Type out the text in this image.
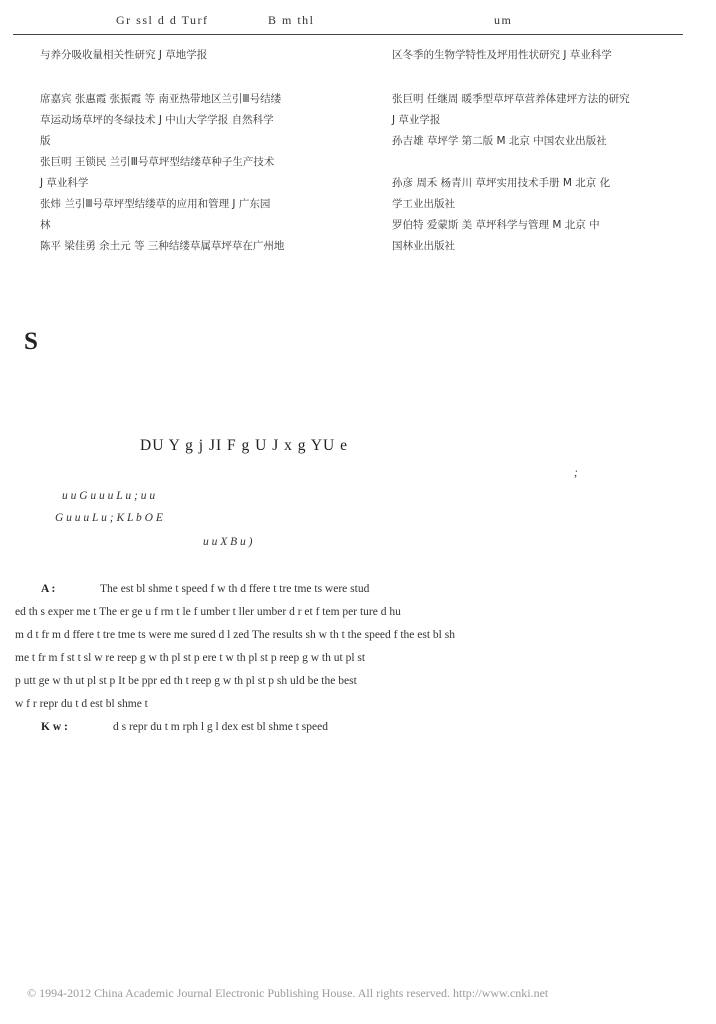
Gr ssl d d Turf	B m thl	um
与养分吸收量相关性研究 J 草地学报
席嘉宾 张惠霞 张振霞 等 南亚热带地区兰引Ⅲ号结缕
草运动场草坪的冬绿技术 J 中山大学学报 自然科学
版
张巨明 王锁民 兰引Ⅲ号草坪型结缕草种子生产技术
J 草业科学
张炜 兰引Ⅲ号草坪型结缕草的应用和管理 J 广东园
林
陈平 梁佳勇 余土元 等 三种结缕草属草坪草在广州地
区冬季的生物学特性及坪用性状研究 J 草业科学
张巨明 任继周 暖季型草坪草营养体建坪方法的研究
J 草业学报
孙吉雄 草坪学 第二版 M 北京 中国农业出版社
孙彦 周禾 杨青川 草坪实用技术手册 M 北京 化
学工业出版社
罗伯特 爱蒙斯 美 草坪科学与管理 M 北京 中
国林业出版社
S
DU Y g j JI F g U J x g YU e
;
u u G u u u L u ; u u
G u u u L u ; K L b O E
u u X B u )
A :	The est bl shme t speed f w th d ffere t tre tme ts were stud
ed th s exper me t The er ge u f rm t le f umber t ller umber d r et f tem per ture d hu
m d t fr m d ffere t tre tme ts were me sured d l zed The results sh w th t the speed f the est bl sh
me t fr m f st t sl w re reep g w th pl st p ere t w th pl st p reep g w th ut pl st
p utt ge w th ut pl st p It be ppr ed th t reep g w th pl st p sh uld be the best
w f r repr du t d est bl shme t
K w :	d s repr du t m rph l g l dex est bl shme t speed
© 1994-2012 China Academic Journal Electronic Publishing House. All rights reserved. http://www.cnki.net
